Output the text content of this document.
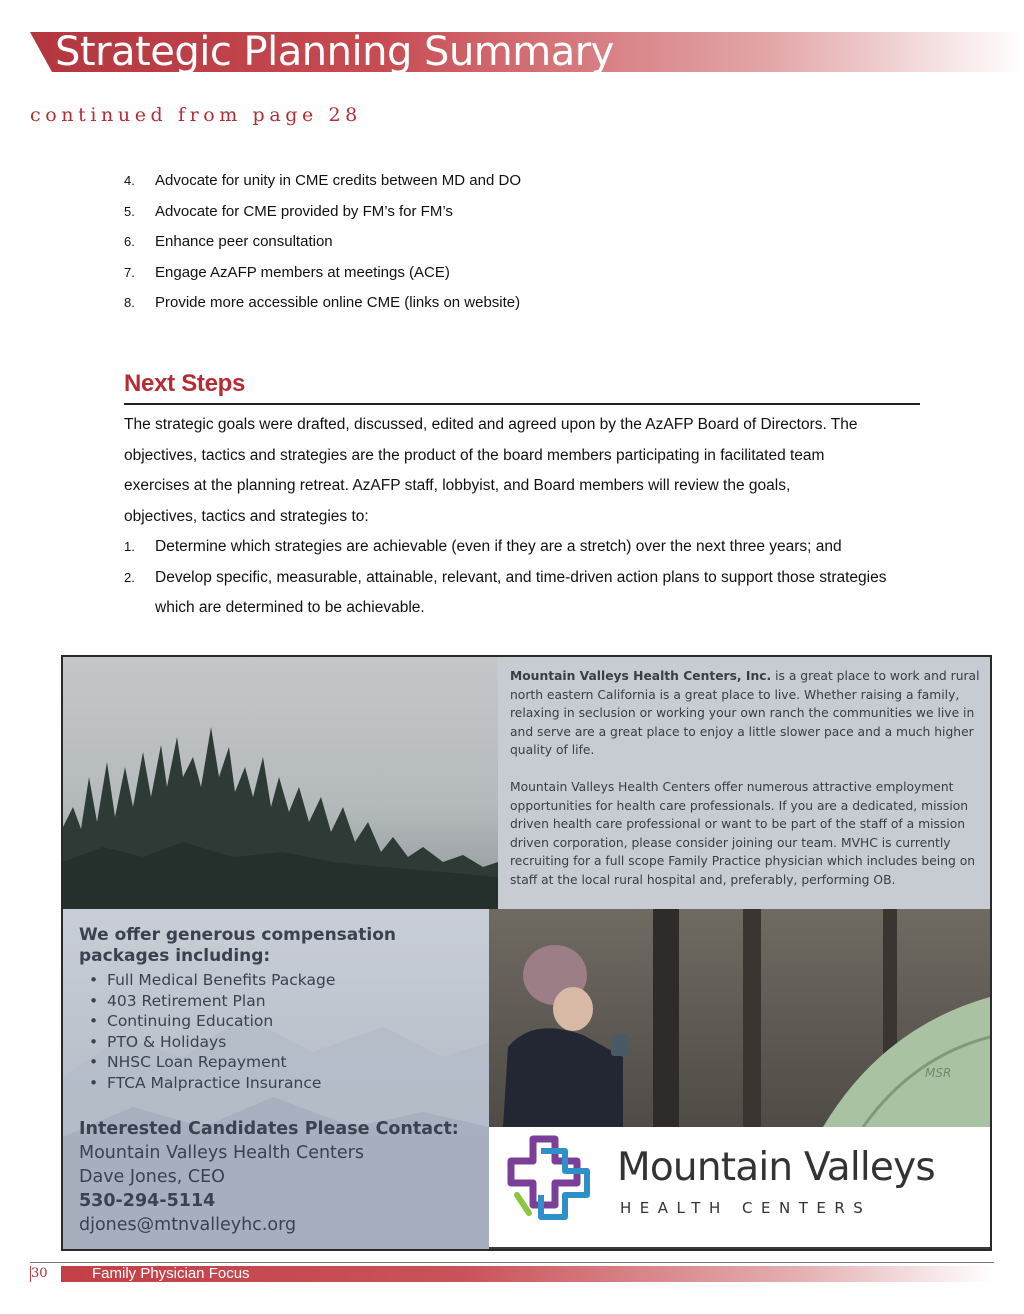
Strategic Planning Summary
continued from page 28
4.	Advocate for unity in CME credits between MD and DO
5.	Advocate for CME provided by FM’s for FM’s
6.	Enhance peer consultation
7.	Engage AzAFP members at meetings (ACE)
8.	Provide more accessible online CME (links on website)
Next Steps

The strategic goals were drafted, discussed, edited and agreed upon by the AzAFP Board of Directors. The

objectives, tactics and strategies are the product of the board members participating in facilitated team

exercises at the planning retreat. AzAFP staff, lobbyist, and Board members will review the goals,

objectives, tactics and strategies to:

1.	Determine which strategies are achievable (even if they are a stretch) over the next three years; and
2.	Develop specific, measurable, attainable, relevant, and time-driven action plans to support those strategies which are determined to be achievable.
MSR

Mountain Valleys Health Centers, Inc. is a great place to work and rural north eastern California is a great place to live. Whether raising a family, relaxing in seclusion or working your own ranch the communities we live in and serve are a great place to enjoy a little slower pace and a much higher quality of life.

Mountain Valleys Health Centers offer numerous attractive employment opportunities for health care professionals. If you are a dedicated, mission driven health care professional or want to be part of the staff of a mission driven corporation, please consider joining our team. MVHC is currently recruiting for a full scope Family Practice physician which includes being on staff at the local rural hospital and, preferably, performing OB.

We offer generous compensation
packages including:
• Full Medical Benefits Package
• 403 Retirement Plan
• Continuing Education
• PTO & Holidays
• NHSC Loan Repayment
• FTCA Malpractice Insurance
Interested Candidates Please Contact:
Mountain Valleys Health Centers
Dave Jones, CEO
530-294-5114
djones@mtnvalleyhc.org
Mountain Valleys
HEALTH CENTERS
30	Family Physician Focus
